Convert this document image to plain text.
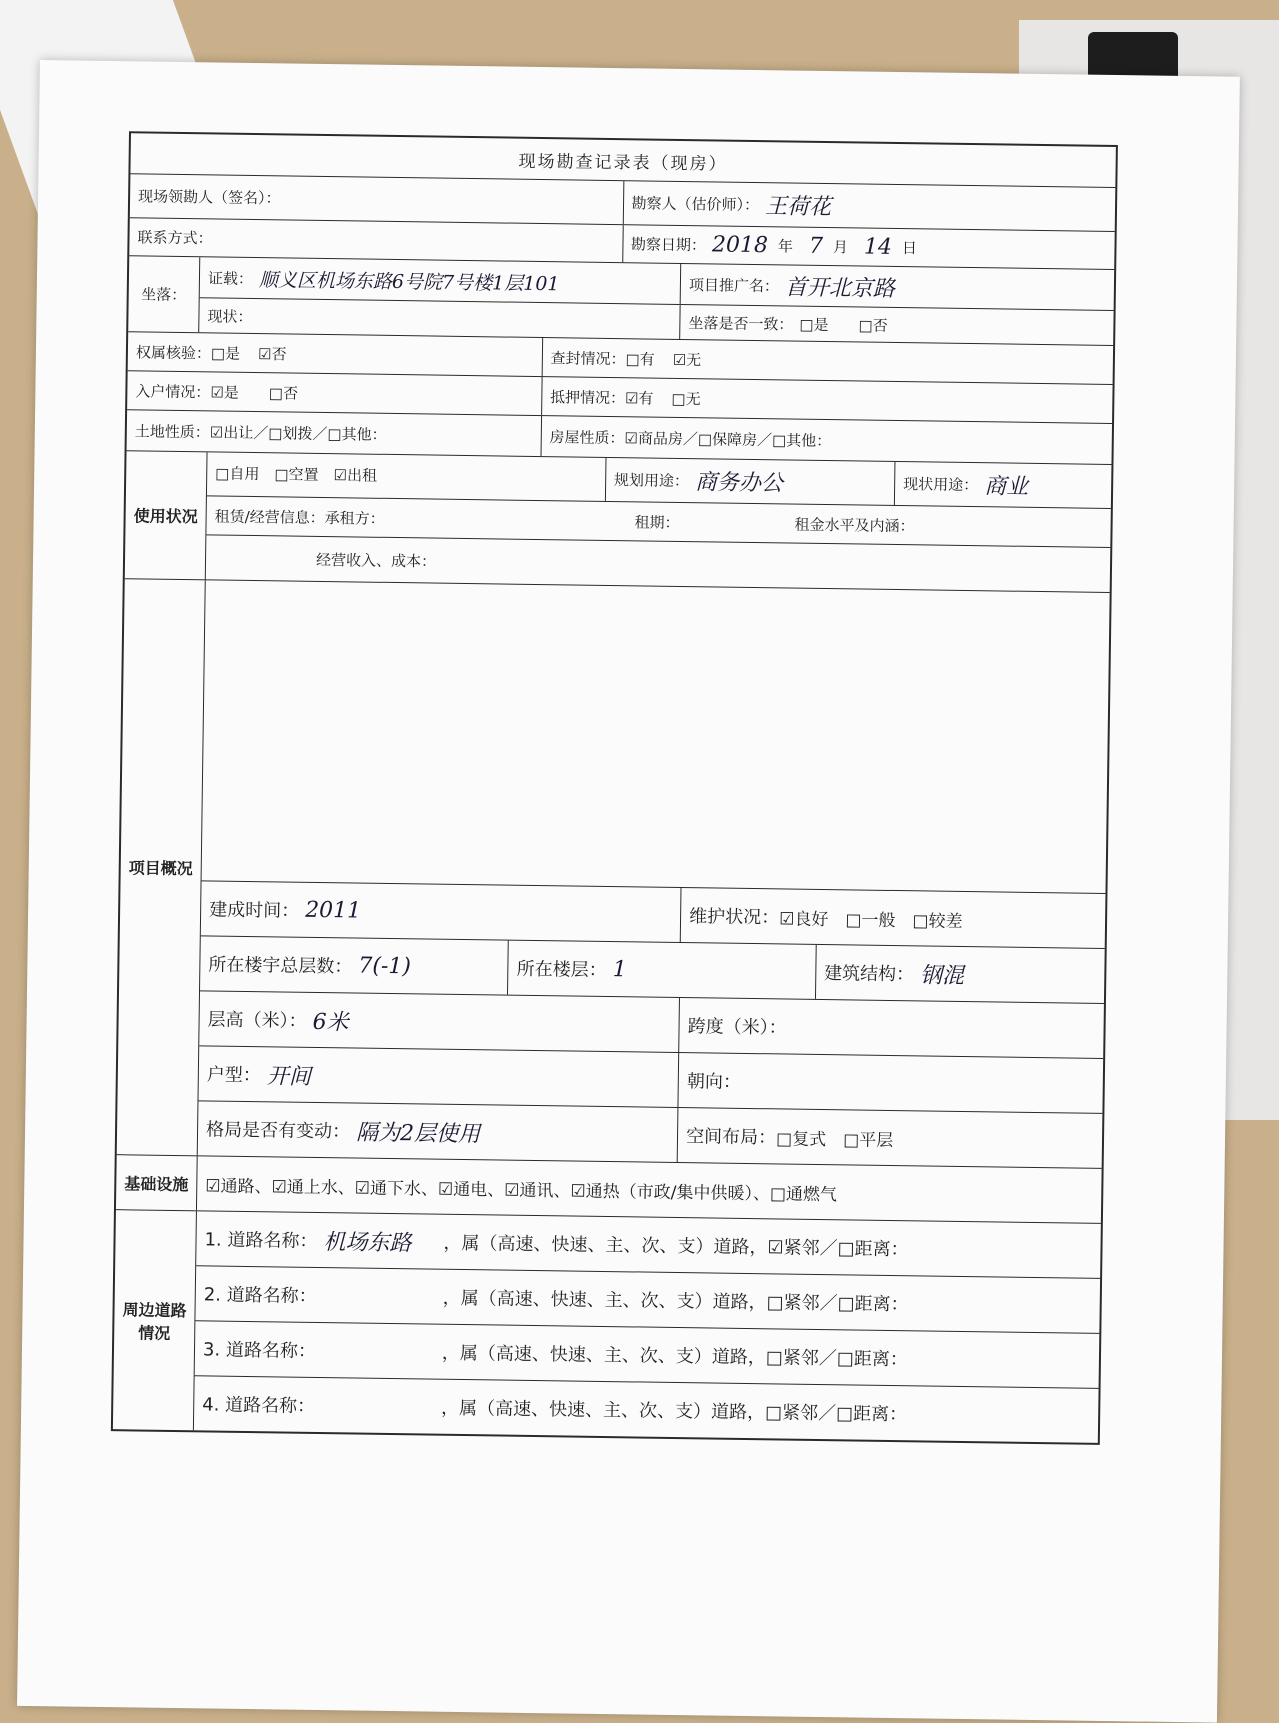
现场勘查记录表（现房）
现场领勘人（签名）：	勘察人（估价师）： 王荷花
联系方式：	勘察日期： 2018 年 7 月 14 日
坐落：
证载： 顺义区机场东路6号院7号楼1层101
现状：
项目推广名： 首开北京路
坐落是否一致： □是 □否
权属核验： □是 ☑否	查封情况： □有 ☑无
入户情况： ☑是 □否	抵押情况： ☑有 □无
土地性质： ☑出让／□划拨／□其他：	房屋性质： ☑商品房／□保障房／□其他：
使用状况
□自用　□空置　☑出租	规划用途： 商务办公	现状用途： 商业
租赁/经营信息：承租方：	租期：	租金水平及内涵：
经营收入、成本：
项目概况
建成时间： 2011	维护状况： ☑良好　□一般　□较差
所在楼宇总层数： 7(-1)	所在楼层： 1	建筑结构： 钢混
层高（米）： 6米	跨度（米）：
户型： 开间	朝向：
格局是否有变动： 隔为2层使用	空间布局： □复式　□平层
基础设施 ☑通路、☑通上水、☑通下水、☑通电、☑通讯、☑通热（市政/集中供暖）、□通燃气
周边道路情况
1. 道路名称： 机场东路	，属（高速、快速、主、次、支）道路，☑紧邻／□距离：
2. 道路名称：	，属（高速、快速、主、次、支）道路，□紧邻／□距离：
3. 道路名称：	，属（高速、快速、主、次、支）道路，□紧邻／□距离：
4. 道路名称：	，属（高速、快速、主、次、支）道路，□紧邻／□距离：
